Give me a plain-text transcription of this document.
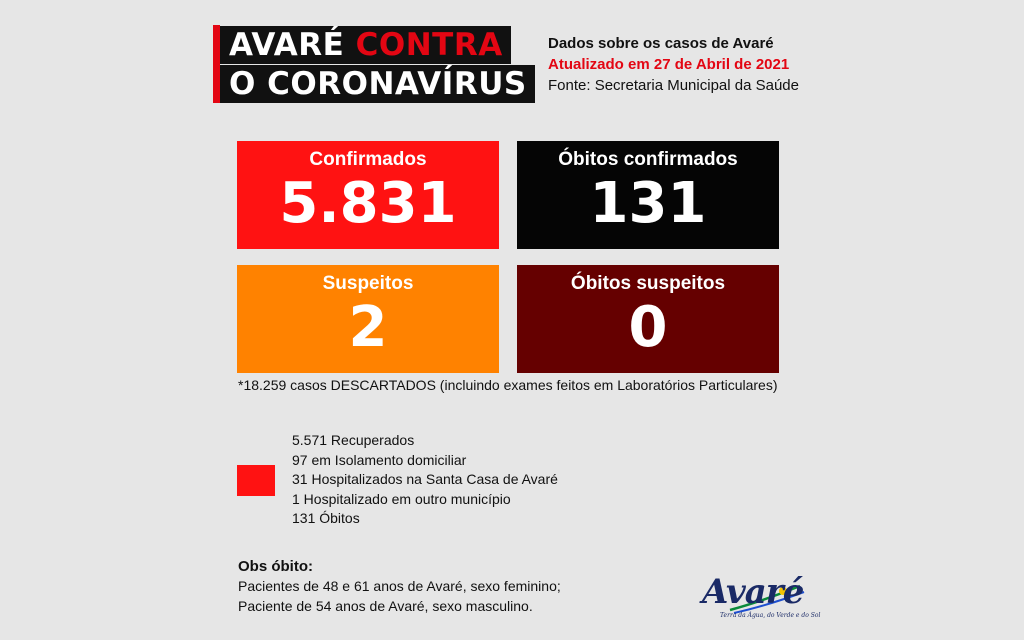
AVARÉ CONTRA
O CORONAVÍRUS
Dados sobre os casos de Avaré
Atualizado em 27 de Abril de 2021
Fonte: Secretaria Municipal da Saúde
Confirmados
5.831
Óbitos confirmados
131
Suspeitos
2
Óbitos suspeitos
0
*18.259 casos DESCARTADOS (incluindo exames feitos em Laboratórios Particulares)
5.571 Recuperados
97 em Isolamento domiciliar
31 Hospitalizados na Santa Casa de Avaré
1 Hospitalizado em outro município
131 Óbitos
Obs óbito:
Pacientes de 48 e 61 anos de Avaré, sexo feminino;
Paciente de 54 anos de Avaré, sexo masculino.	Avaré
Terra da Água, do Verde e do Sol
